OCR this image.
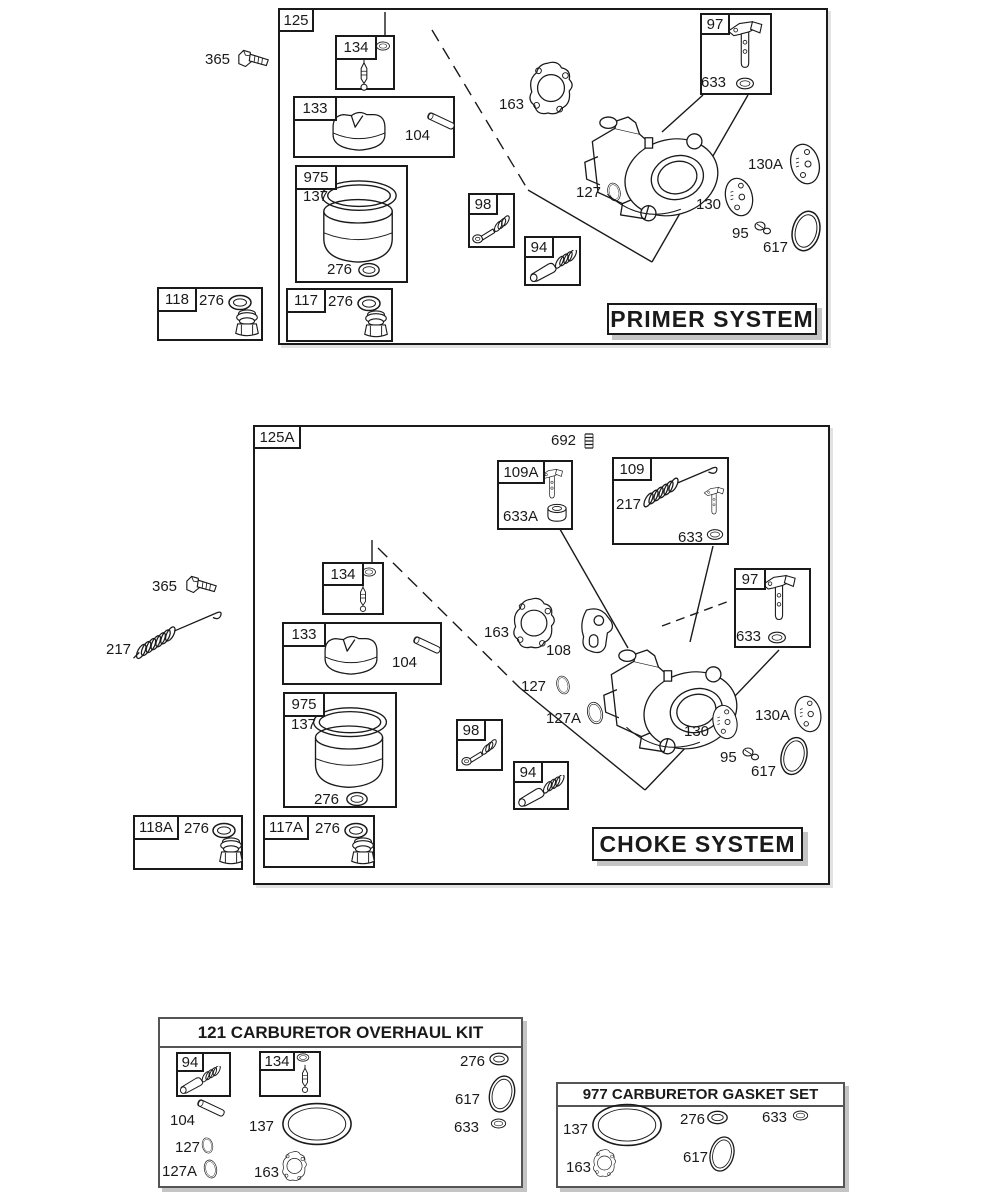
125
365
134
133
104
975
137
276
118 276	117 276
98
94
163
127
97
633
130A
130
95
617
PRIMER SYSTEM
125A	692
109A
633A
109
217
633
365
217
134
133
104
975
137
276
163
108
127
127A
97
633
130
130A
95
617
98
94
118A 276	117A 276
CHOKE SYSTEM
121 CARBURETOR OVERHAUL KIT
94	134
104
127
127A
137
163
276
617
633
977 CARBURETOR GASKET SET
137
163
276
617
633
